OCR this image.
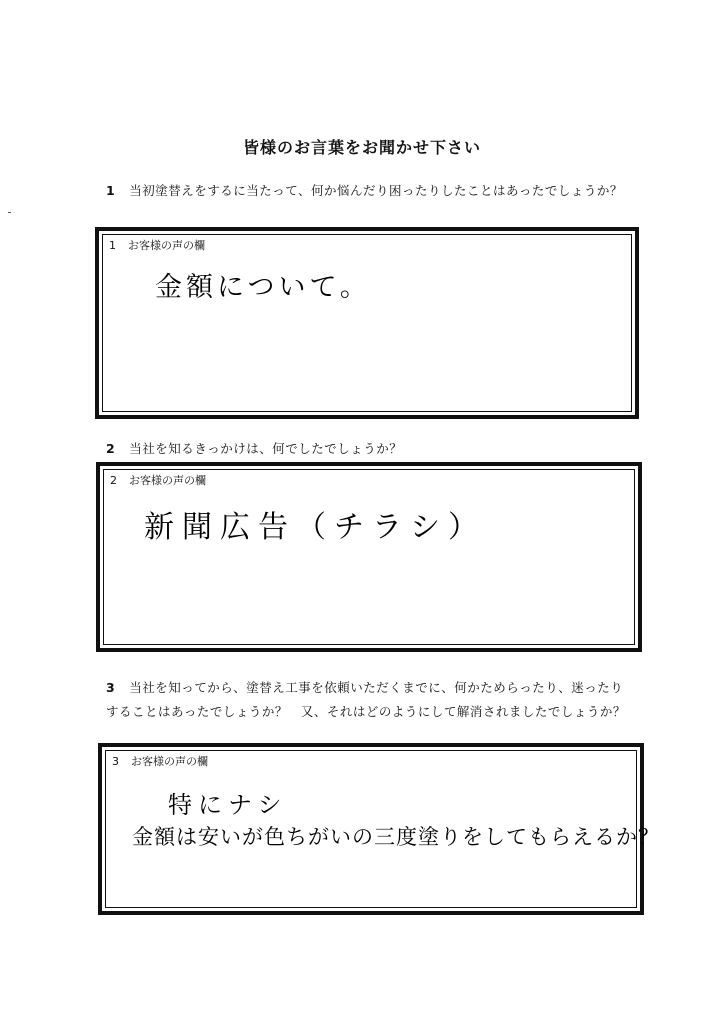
皆様のお言葉をお聞かせ下さい
1 当初塗替えをするに当たって、何か悩んだり困ったりしたことはあったでしょうか？
1 お客様の声の欄
金額について。
2 当社を知るきっかけは、何でしたでしょうか？
2 お客様の声の欄
新聞広告（チラシ）
3 当社を知ってから、塗替え工事を依頼いただくまでに、何かためらったり、迷ったりすることはあったでしょうか？　又、それはどのようにして解消されましたでしょうか？
3 お客様の声の欄
特にナシ
金額は安いが色ちがいの三度塗りをしてもらえるか？
